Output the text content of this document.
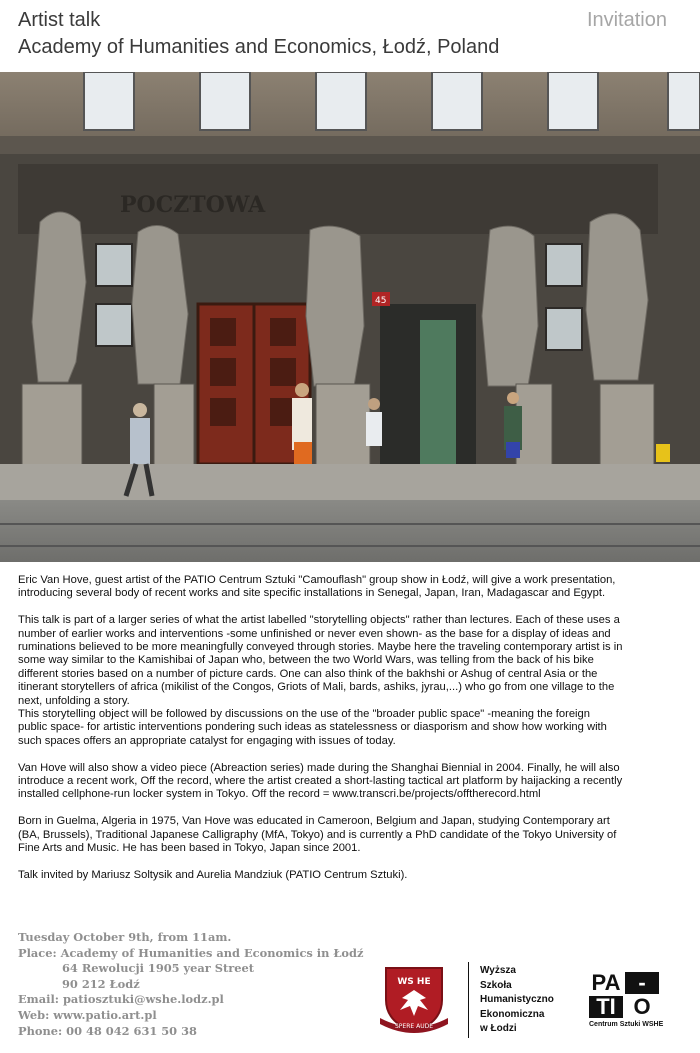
Artist talk
Academy of Humanities and Economics, Łodź, Poland
Invitation
POCZTOWA
45

Eric Van Hove, guest artist of the PATIO Centrum Sztuki "Camouflash" group show in Łodź, will give a work presentation,
introducing several body of recent works and site specific installations in Senegal, Japan, Iran, Madagascar and Egypt.

This talk is part of a larger series of what the artist labelled "storytelling objects" rather than lectures. Each of these uses a
number of earlier works and interventions -some unfinished or never even shown- as the base for a display of ideas and
ruminations believed to be more meaningfully conveyed through stories. Maybe here the traveling contemporary artist is in
some way similar to the Kamishibai of Japan who, between the two World Wars, was telling from the back of his bike
different stories based on a number of picture cards. One can also think of the bakhshi or Ashug of central Asia or the
itinerant storytellers of africa (mikilist of the Congos, Griots of Mali, bards, ashiks, jyrau,...) who go from one village to the
next, unfolding a story.
This storytelling object will be followed by discussions on the use of the "broader public space" -meaning the foreign
public space- for artistic interventions pondering such ideas as statelessness or diasporism and show how working with
such spaces offers an appropriate catalyst for engaging with issues of today.

Van Hove will also show a video piece (Abreaction series) made during the Shanghai Biennial in 2004. Finally, he will also
introduce a recent work, Off the record, where the artist created a short-lasting tactical art platform by haijacking a recently
installed cellphone-run locker system in Tokyo. Off the record = www.transcri.be/projects/offtherecord.html

Born in Guelma, Algeria in 1975, Van Hove was educated in Cameroon, Belgium and Japan, studying Contemporary art
(BA, Brussels), Traditional Japanese Calligraphy (MfA, Tokyo) and is currently a PhD candidate of the Tokyo University of
Fine Arts and Music. He has been based in Tokyo, Japan since 2001.

Talk invited by Mariusz Soltysik and Aurelia Mandziuk (PATIO Centrum Sztuki).

Tuesday October 9th, from 11am.
Place: Academy of Humanities and Economics in Łodź
64 Rewolucji 1905 year Street
90 212 Łodź
Email: patiosztuki@wshe.lodz.pl
Web: www.patio.art.pl
Phone: 00 48 042 631 50 38
WS HE
SPERE AUDE
Wyższa
Szkoła
Humanistyczno
Ekonomiczna
w Łodzi
PA -
TI O
Centrum Sztuki WSHE
